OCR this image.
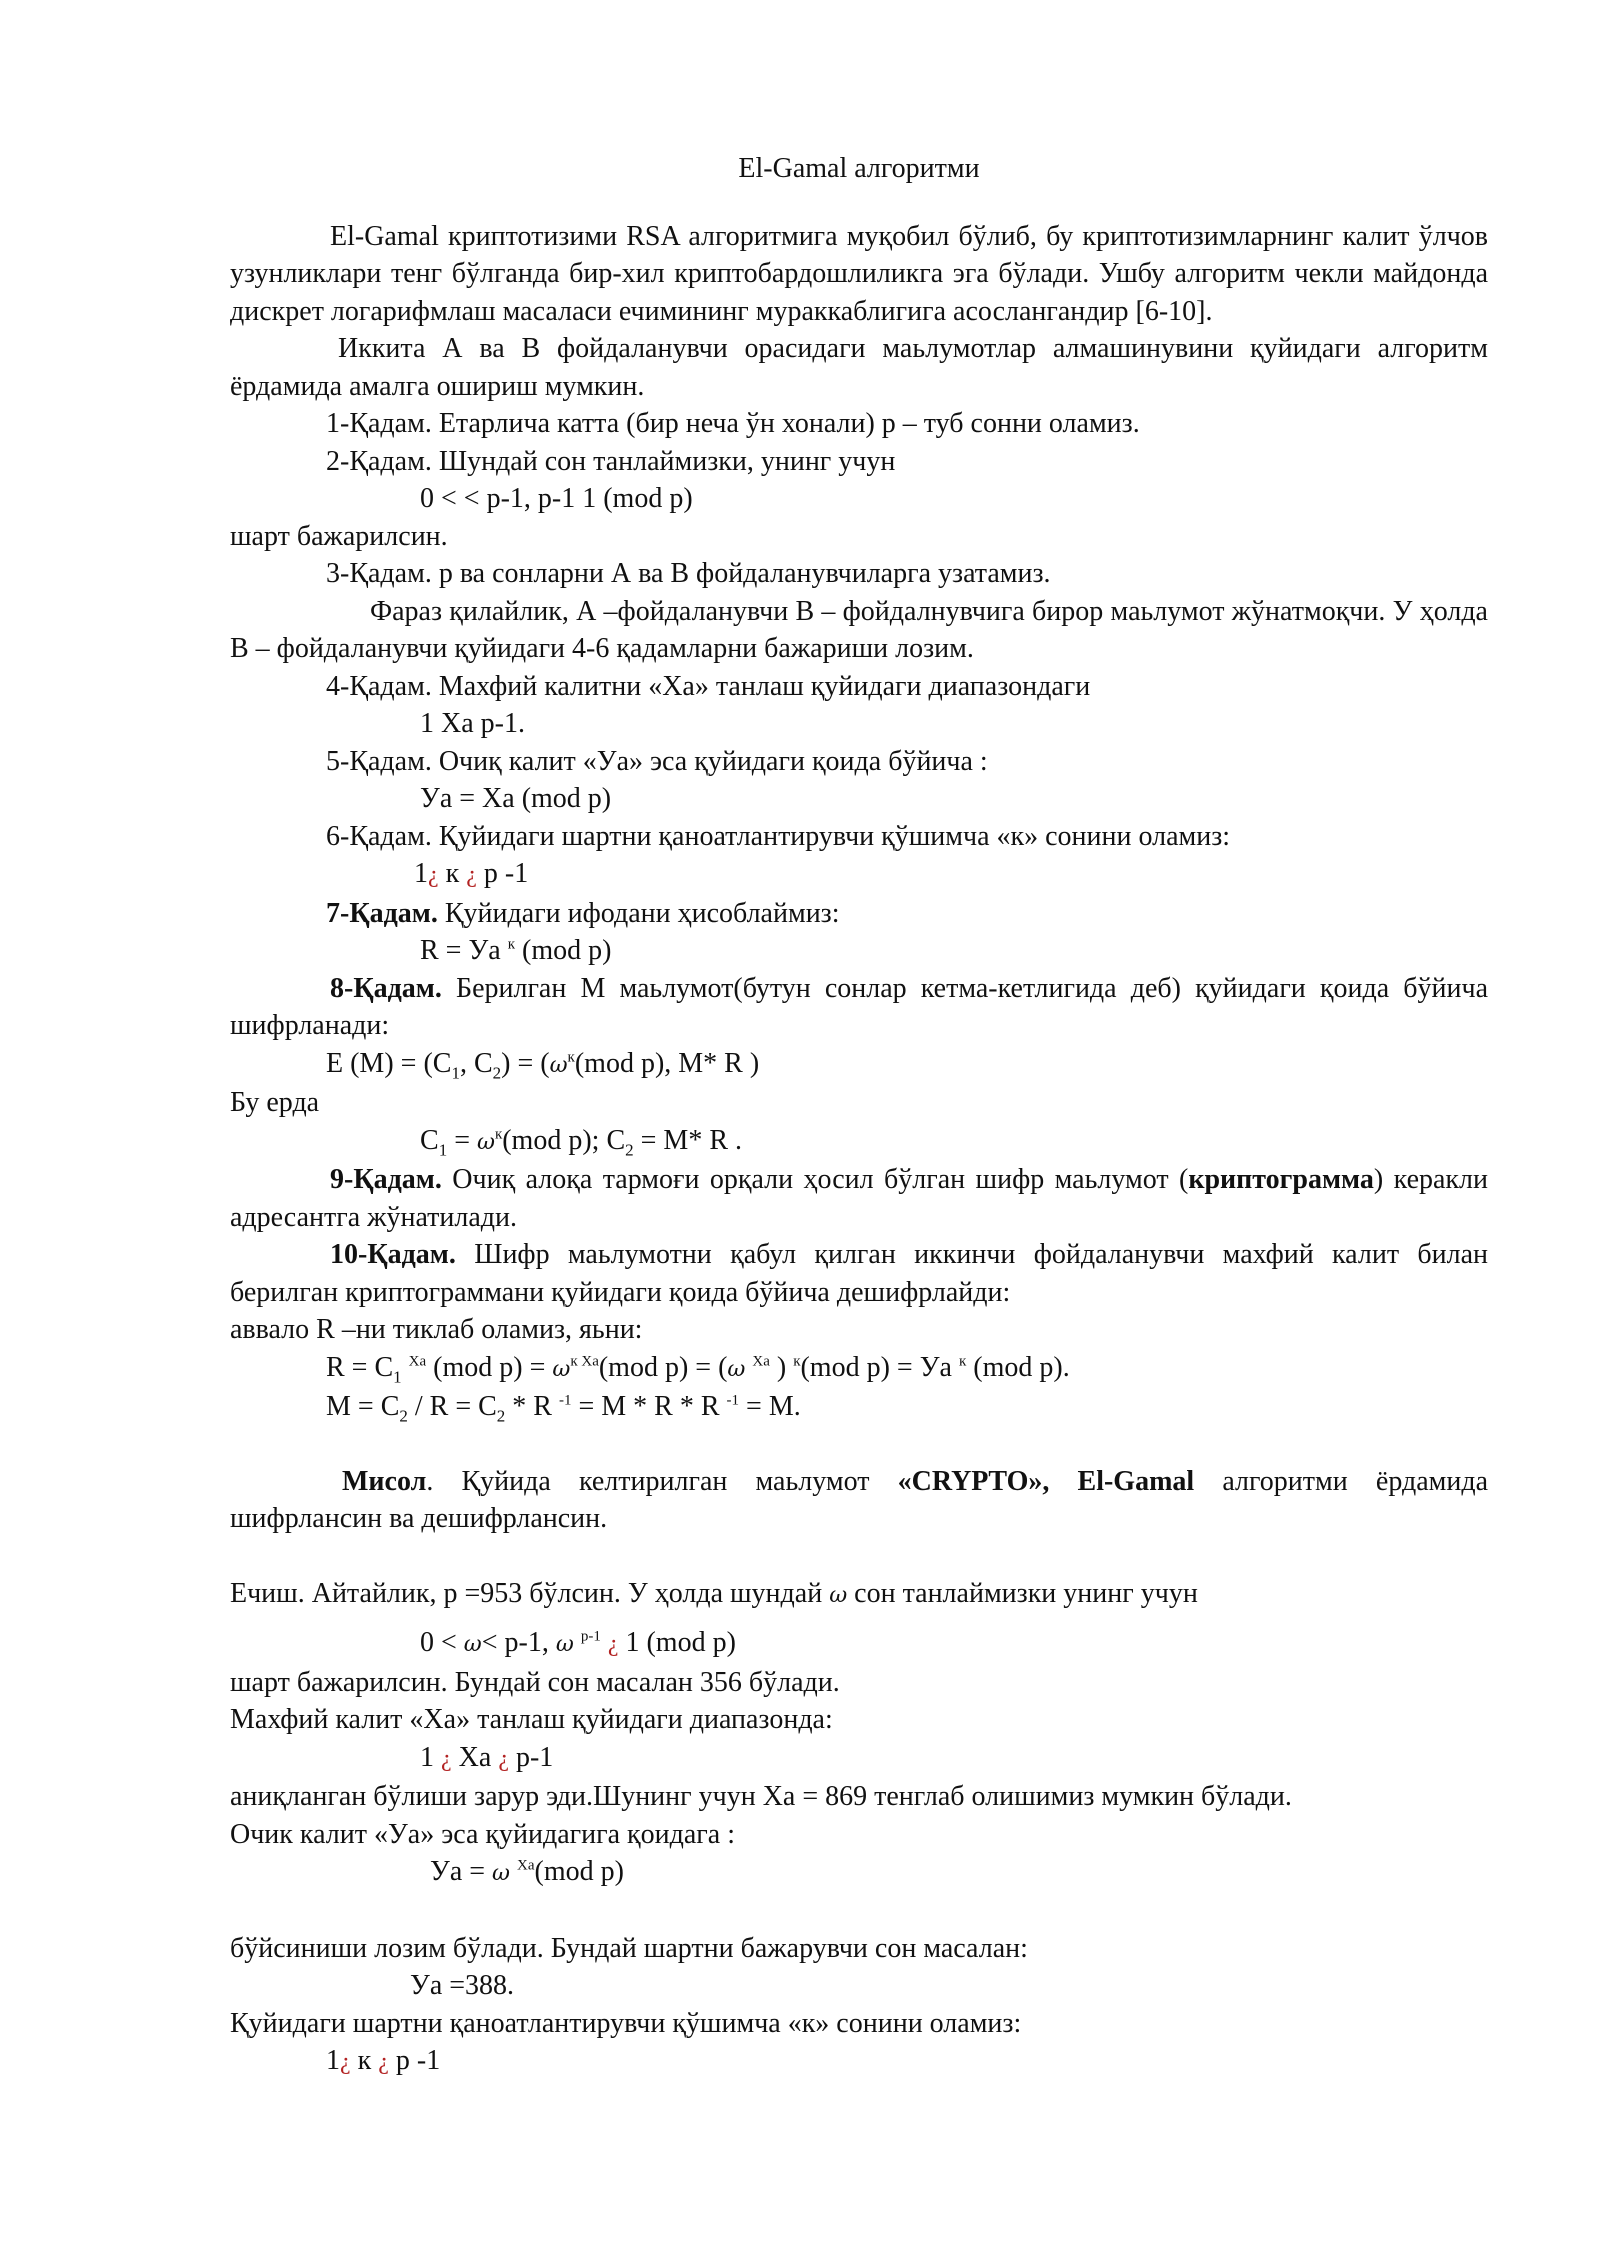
El-Gamal алгоритми

El-Gamal криптотизими RSA алгоритмига муқобил бўлиб, бу криптотизимларнинг калит ўлчов узунликлари тенг бўлганда бир-хил криптобардошлиликга эга бўлади. Ушбу алгоритм чекли майдонда дискрет логарифмлаш масаласи ечимининг мураккаблигига асослангандир [6-10].

Иккита А ва В фойдаланувчи орасидаги маьлумотлар алмашинувини қуйидаги алгоритм ёрдамида амалга ошириш мумкин.

1-Қадам. Етарлича катта (бир неча ўн хонали) p – туб сонни оламиз.

2-Қадам. Шундай сон танлаймизки, унинг учун

0 < < p-1, p-1 1 (mod p)

шарт бажарилсин.

3-Қадам. p ва сонларни А ва В фойдаланувчиларга узатамиз.

Фараз қилайлик, А –фойдаланувчи В – фойдалнувчига бирор маьлумот жўнатмоқчи. У ҳолда В – фойдаланувчи қуйидаги 4-6 қадамларни бажариши лозим.

4-Қадам. Махфий калитни «Ха» танлаш қуйидаги диапазондаги

1 Ха p-1.

5-Қадам. Очиқ калит «Уа» эса қуйидаги қоида бўйича :

Уа = Ха (mod p)

6-Қадам. Қуйидаги шартни қаноатлантирувчи қўшимча «к» сонини оламиз:

1¿ к ¿ p -1

7-Қадам. Қуйидаги ифодани ҳисоблаймиз:

R = Уа $^к$ (mod p)

8-Қадам. Берилган М маьлумот(бутун сонлар кетма-кетлигида деб) қуйидаги қоида бўйича шифрланади:

E $(M) = (C_1$, $C_2) = (\omega^к(mod$ p), M* R )

Бу ерда

$C_1 = \omega^к(mod$ p); $C_2 = M*$ R .

9-Қадам. Очиқ алоқа тармоғи орқали ҳосил бўлган шифр маьлумот (криптограмма) керакли адресантга жўнатилади.

10-Қадам. Шифр маьлумотни қабул қилган иккинчи фойдаланувчи махфий калит билан берилган криптограммани қуйидаги қоида бўйича дешифрлайди:

аввало R –ни тиклаб оламиз, яьни:

$R = C_1$ $^{Ха}$ (mod $p) = \omega^{к Ха}(mod$ p) = (ω $^{Ха}$ ) $^к$(mod p) = Уа $^к$ (mod p).

$M = C_2 / R = C_2 * R$ $^{-1}$ = M * R * R $^{-1}$ = M.

Мисол. Қуйида келтирилган маьлумот «CRYPTO», El-Gamal алгоритми ёрдамида шифрлансин ва дешифрлансин.

Ечиш. Айтайлик, p =953 бўлсин. У ҳолда шундай ω сон танлаймизки унинг учун

0 < ω< p-1, ω $^{p-1}$ ¿ 1 (mod p)

шарт бажарилсин. Бундай сон масалан 356 бўлади.

Махфий калит «Ха» танлаш қуйидаги диапазонда:

1 ¿ Ха ¿ p-1

аниқланган бўлиши зарур эди.Шунинг учун Ха = 869 тенглаб олишимиз мумкин бўлади.

Очик калит «Уа» эса қуйидагига қоидага :

Уа = ω $^{Ха}$(mod p)

бўйсиниши лозим бўлади. Бундай шартни бажарувчи сон масалан:

Уа =388.

Қуйидаги шартни қаноатлантирувчи қўшимча «к» сонини оламиз:

1¿ к ¿ p -1
